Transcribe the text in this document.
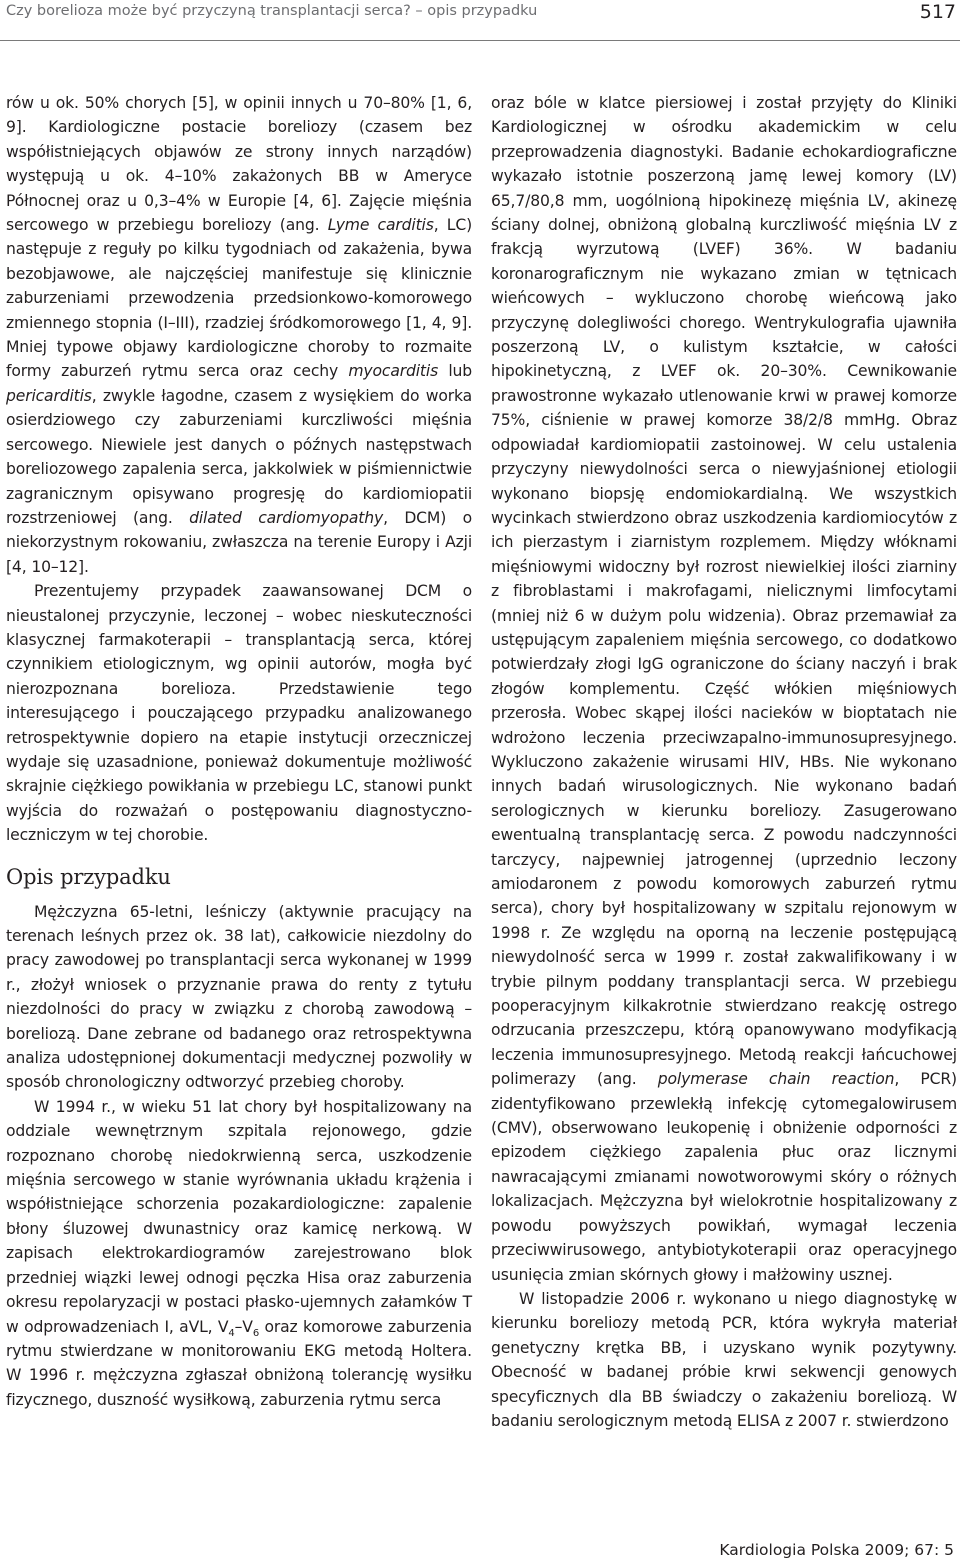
Czy borelioza może być przyczyną transplantacji serca? – opis przypadku	517

rów u ok. 50% chorych [5], w opinii innych u 70–80% [1, 6, 9]. Kardiologiczne postacie boreliozy (czasem bez współistniejących objawów ze strony innych narządów) występują u ok. 4–10% zakażonych BB w Ameryce Północnej oraz u 0,3–4% w Europie [4, 6]. Zajęcie mięśnia sercowego w przebiegu boreliozy (ang. Lyme carditis, LC) następuje z reguły po kilku tygodniach od zakażenia, bywa bezobjawowe, ale najczęściej manifestuje się klinicznie zaburzeniami przewodzenia przedsionkowo-komorowego zmiennego stopnia (I–III), rzadziej śródkomorowego [1, 4, 9]. Mniej typowe objawy kardiologiczne choroby to rozmaite formy zaburzeń rytmu serca oraz cechy myocarditis lub pericarditis, zwykle łagodne, czasem z wysiękiem do worka osierdziowego czy zaburzeniami kurczliwości mięśnia sercowego. Niewiele jest danych o późnych następstwach boreliozowego zapalenia serca, jakkolwiek w piśmiennictwie zagranicznym opisywano progresję do kardiomiopatii rozstrzeniowej (ang. dilated cardiomyopathy, DCM) o niekorzystnym rokowaniu, zwłaszcza na terenie Europy i Azji [4, 10–12].

Prezentujemy przypadek zaawansowanej DCM o nieustalonej przyczynie, leczonej – wobec nieskuteczności klasycznej farmakoterapii – transplantacją serca, której czynnikiem etiologicznym, wg opinii autorów, mogła być nierozpoznana borelioza. Przedstawienie tego interesującego i pouczającego przypadku analizowanego retrospektywnie dopiero na etapie instytucji orzeczniczej wydaje się uzasadnione, ponieważ dokumentuje możliwość skrajnie ciężkiego powikłania w przebiegu LC, stanowi punkt wyjścia do rozważań o postępowaniu diagnostyczno-leczniczym w tej chorobie.

Opis przypadku

Mężczyzna 65-letni, leśniczy (aktywnie pracujący na terenach leśnych przez ok. 38 lat), całkowicie niezdolny do pracy zawodowej po transplantacji serca wykonanej w 1999 r., złożył wniosek o przyznanie prawa do renty z tytułu niezdolności do pracy w związku z chorobą zawodową – boreliozą. Dane zebrane od badanego oraz retrospektywna analiza udostępnionej dokumentacji medycznej pozwoliły w sposób chronologiczny odtworzyć przebieg choroby.

W 1994 r., w wieku 51 lat chory był hospitalizowany na oddziale wewnętrznym szpitala rejonowego, gdzie rozpoznano chorobę niedokrwienną serca, uszkodzenie mięśnia sercowego w stanie wyrównania układu krążenia i współistniejące schorzenia pozakardiologiczne: zapalenie błony śluzowej dwunastnicy oraz kamicę nerkową. W zapisach elektrokardiogramów zarejestrowano blok przedniej wiązki lewej odnogi pęczka Hisa oraz zaburzenia okresu repolaryzacji w postaci płasko-ujemnych załamków T w odprowadzeniach I, aVL, $V_4-V_6$ oraz komorowe zaburzenia rytmu stwierdzane w monitorowaniu EKG metodą Holtera. W 1996 r. mężczyzna zgłaszał obniżoną tolerancję wysiłku fizycznego, duszność wysiłkową, zaburzenia rytmu serca

oraz bóle w klatce piersiowej i został przyjęty do Kliniki Kardiologicznej w ośrodku akademickim w celu przeprowadzenia diagnostyki. Badanie echokardiograficzne wykazało istotnie poszerzoną jamę lewej komory (LV) 65,7/80,8 mm, uogólnioną hipokinezę mięśnia LV, akinezę ściany dolnej, obniżoną globalną kurczliwość mięśnia LV z frakcją wyrzutową (LVEF) 36%. W badaniu koronarograficznym nie wykazano zmian w tętnicach wieńcowych – wykluczono chorobę wieńcową jako przyczynę dolegliwości chorego. Wentrykulografia ujawniła poszerzoną LV, o kulistym kształcie, w całości hipokinetyczną, z LVEF ok. 20–30%. Cewnikowanie prawostronne wykazało utlenowanie krwi w prawej komorze 75%, ciśnienie w prawej komorze 38/2/8 mmHg. Obraz odpowiadał kardiomiopatii zastoinowej. W celu ustalenia przyczyny niewydolności serca o niewyjaśnionej etiologii wykonano biopsję endomiokardialną. We wszystkich wycinkach stwierdzono obraz uszkodzenia kardiomiocytów z ich pierzastym i ziarnistym rozplemem. Między włóknami mięśniowymi widoczny był rozrost niewielkiej ilości ziarniny z fibroblastami i makrofagami, nielicznymi limfocytami (mniej niż 6 w dużym polu widzenia). Obraz przemawiał za ustępującym zapaleniem mięśnia sercowego, co dodatkowo potwierdzały złogi IgG ograniczone do ściany naczyń i brak złogów komplementu. Część włókien mięśniowych przerosła. Wobec skąpej ilości nacieków w bioptatach nie wdrożono leczenia przeciwzapalno-immunosupresyjnego. Wykluczono zakażenie wirusami HIV, HBs. Nie wykonano innych badań wirusologicznych. Nie wykonano badań serologicznych w kierunku boreliozy. Zasugerowano ewentualną transplantację serca. Z powodu nadczynności tarczycy, najpewniej jatrogennej (uprzednio leczony amiodaronem z powodu komorowych zaburzeń rytmu serca), chory był hospitalizowany w szpitalu rejonowym w 1998 r. Ze względu na oporną na leczenie postępującą niewydolność serca w 1999 r. został zakwalifikowany i w trybie pilnym poddany transplantacji serca. W przebiegu pooperacyjnym kilkakrotnie stwierdzano reakcję ostrego odrzucania przeszczepu, którą opanowywano modyfikacją leczenia immunosupresyjnego. Metodą reakcji łańcuchowej polimerazy (ang. polymerase chain reaction, PCR) zidentyfikowano przewlekłą infekcję cytomegalowirusem (CMV), obserwowano leukopenię i obniżenie odporności z epizodem ciężkiego zapalenia płuc oraz licznymi nawracającymi zmianami nowotworowymi skóry o różnych lokalizacjach. Mężczyzna był wielokrotnie hospitalizowany z powodu powyższych powikłań, wymagał leczenia przeciwwirusowego, antybiotykoterapii oraz operacyjnego usunięcia zmian skórnych głowy i małżowiny usznej.

W listopadzie 2006 r. wykonano u niego diagnostykę w kierunku boreliozy metodą PCR, która wykryła materiał genetyczny krętka BB, i uzyskano wynik pozytywny. Obecność w badanej próbie krwi sekwencji genowych specyficznych dla BB świadczy o zakażeniu boreliozą. W badaniu serologicznym metodą ELISA z 2007 r. stwierdzono

Kardiologia Polska 2009; 67: 5
